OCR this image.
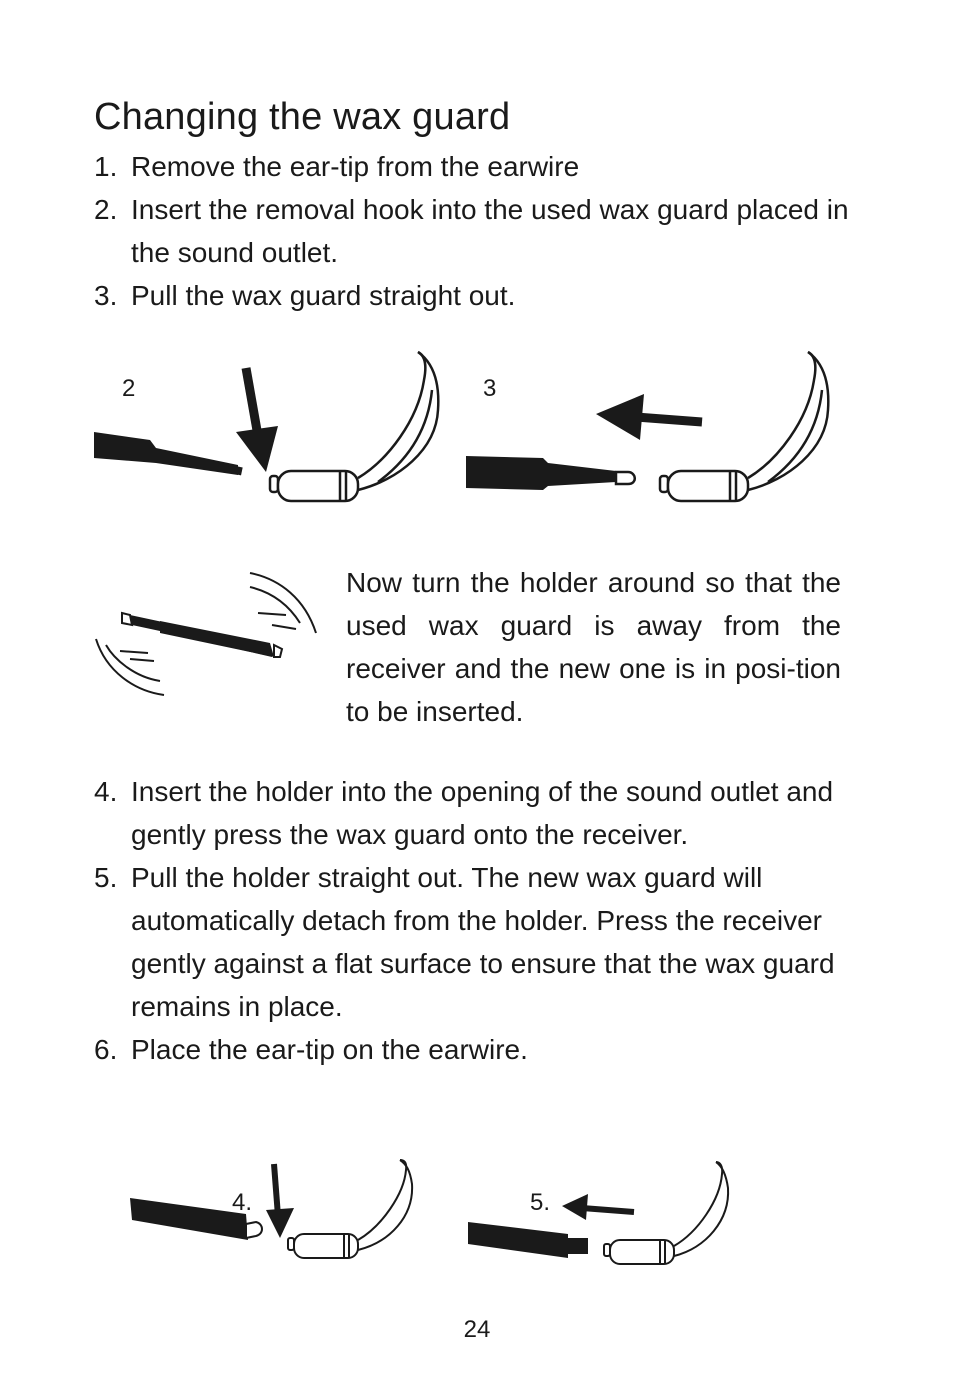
Changing the wax guard
1. Remove the ear-tip from the earwire
2. Insert the removal hook into the used wax guard placed in the sound outlet.
3. Pull the wax guard straight out.
2	3

Now turn the holder around so that the used wax guard is away from the receiver and the new one is in posi-tion to be inserted.

4. Insert the holder into the opening of the sound outlet and gently press the wax guard onto the receiver.
5. Pull the holder straight out. The new wax guard will automatically detach from the holder. Press the receiver gently against a flat surface to ensure that the wax guard remains in place.
6. Place the ear-tip on the earwire.
4.	5.
24
